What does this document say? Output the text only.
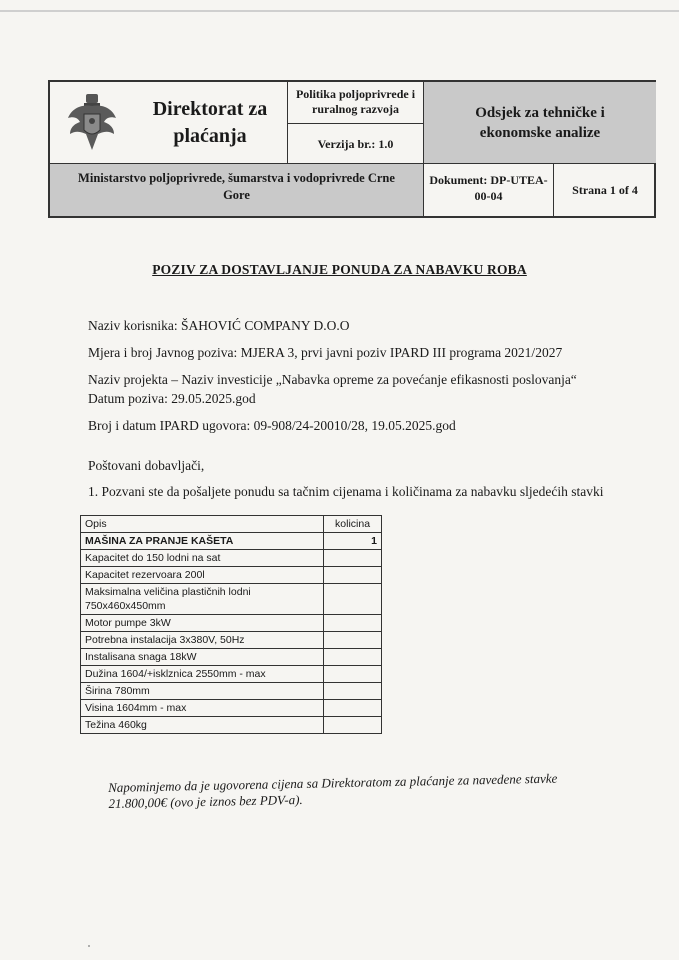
Direktorat za
plaćanja
Politika poljoprivrede i
ruralnog razvoja
Verzija br.: 1.0
Odsjek za tehničke i
ekonomske analize
Ministarstvo poljoprivrede, šumarstva i vodoprivrede Crne
Gore
Dokument: DP-UTEA-
00-04	Strana 1 of 4
POZIV ZA DOSTAVLJANJE PONUDA ZA NABAVKU ROBA
Naziv korisnika: ŠAHOVIĆ COMPANY D.O.O
Mjera i broj Javnog poziva: MJERA 3, prvi javni poziv IPARD III programa 2021/2027
Naziv projekta – Naziv investicije „Nabavka opreme za povećanje efikasnosti poslovanja“
Datum poziva: 29.05.2025.god
Broj i datum IPARD ugovora: 09-908/24-20010/28, 19.05.2025.god
Poštovani dobavljači,
1. Pozvani ste da pošaljete ponudu sa tačnim cijenama i količinama za nabavku sljedećih stavki
Opis	kolicina
MAŠINA ZA PRANJE KAŠETA	1
Kapacitet do 150 lodni na sat	
Kapacitet rezervoara 200l	
Maksimalna veličina plastičnih lodni 750x460x450mm	
Motor pumpe 3kW	
Potrebna instalacija 3x380V, 50Hz	
Instalisana snaga 18kW	
Dužina 1604/+isklznica 2550mm - max	
Širina 780mm	
Visina 1604mm - max	
Težina 460kg	
Napominjemo da je ugovorena cijena sa Direktoratom za plaćanje za navedene stavke
21.800,00€ (ovo je iznos bez PDV-a).
